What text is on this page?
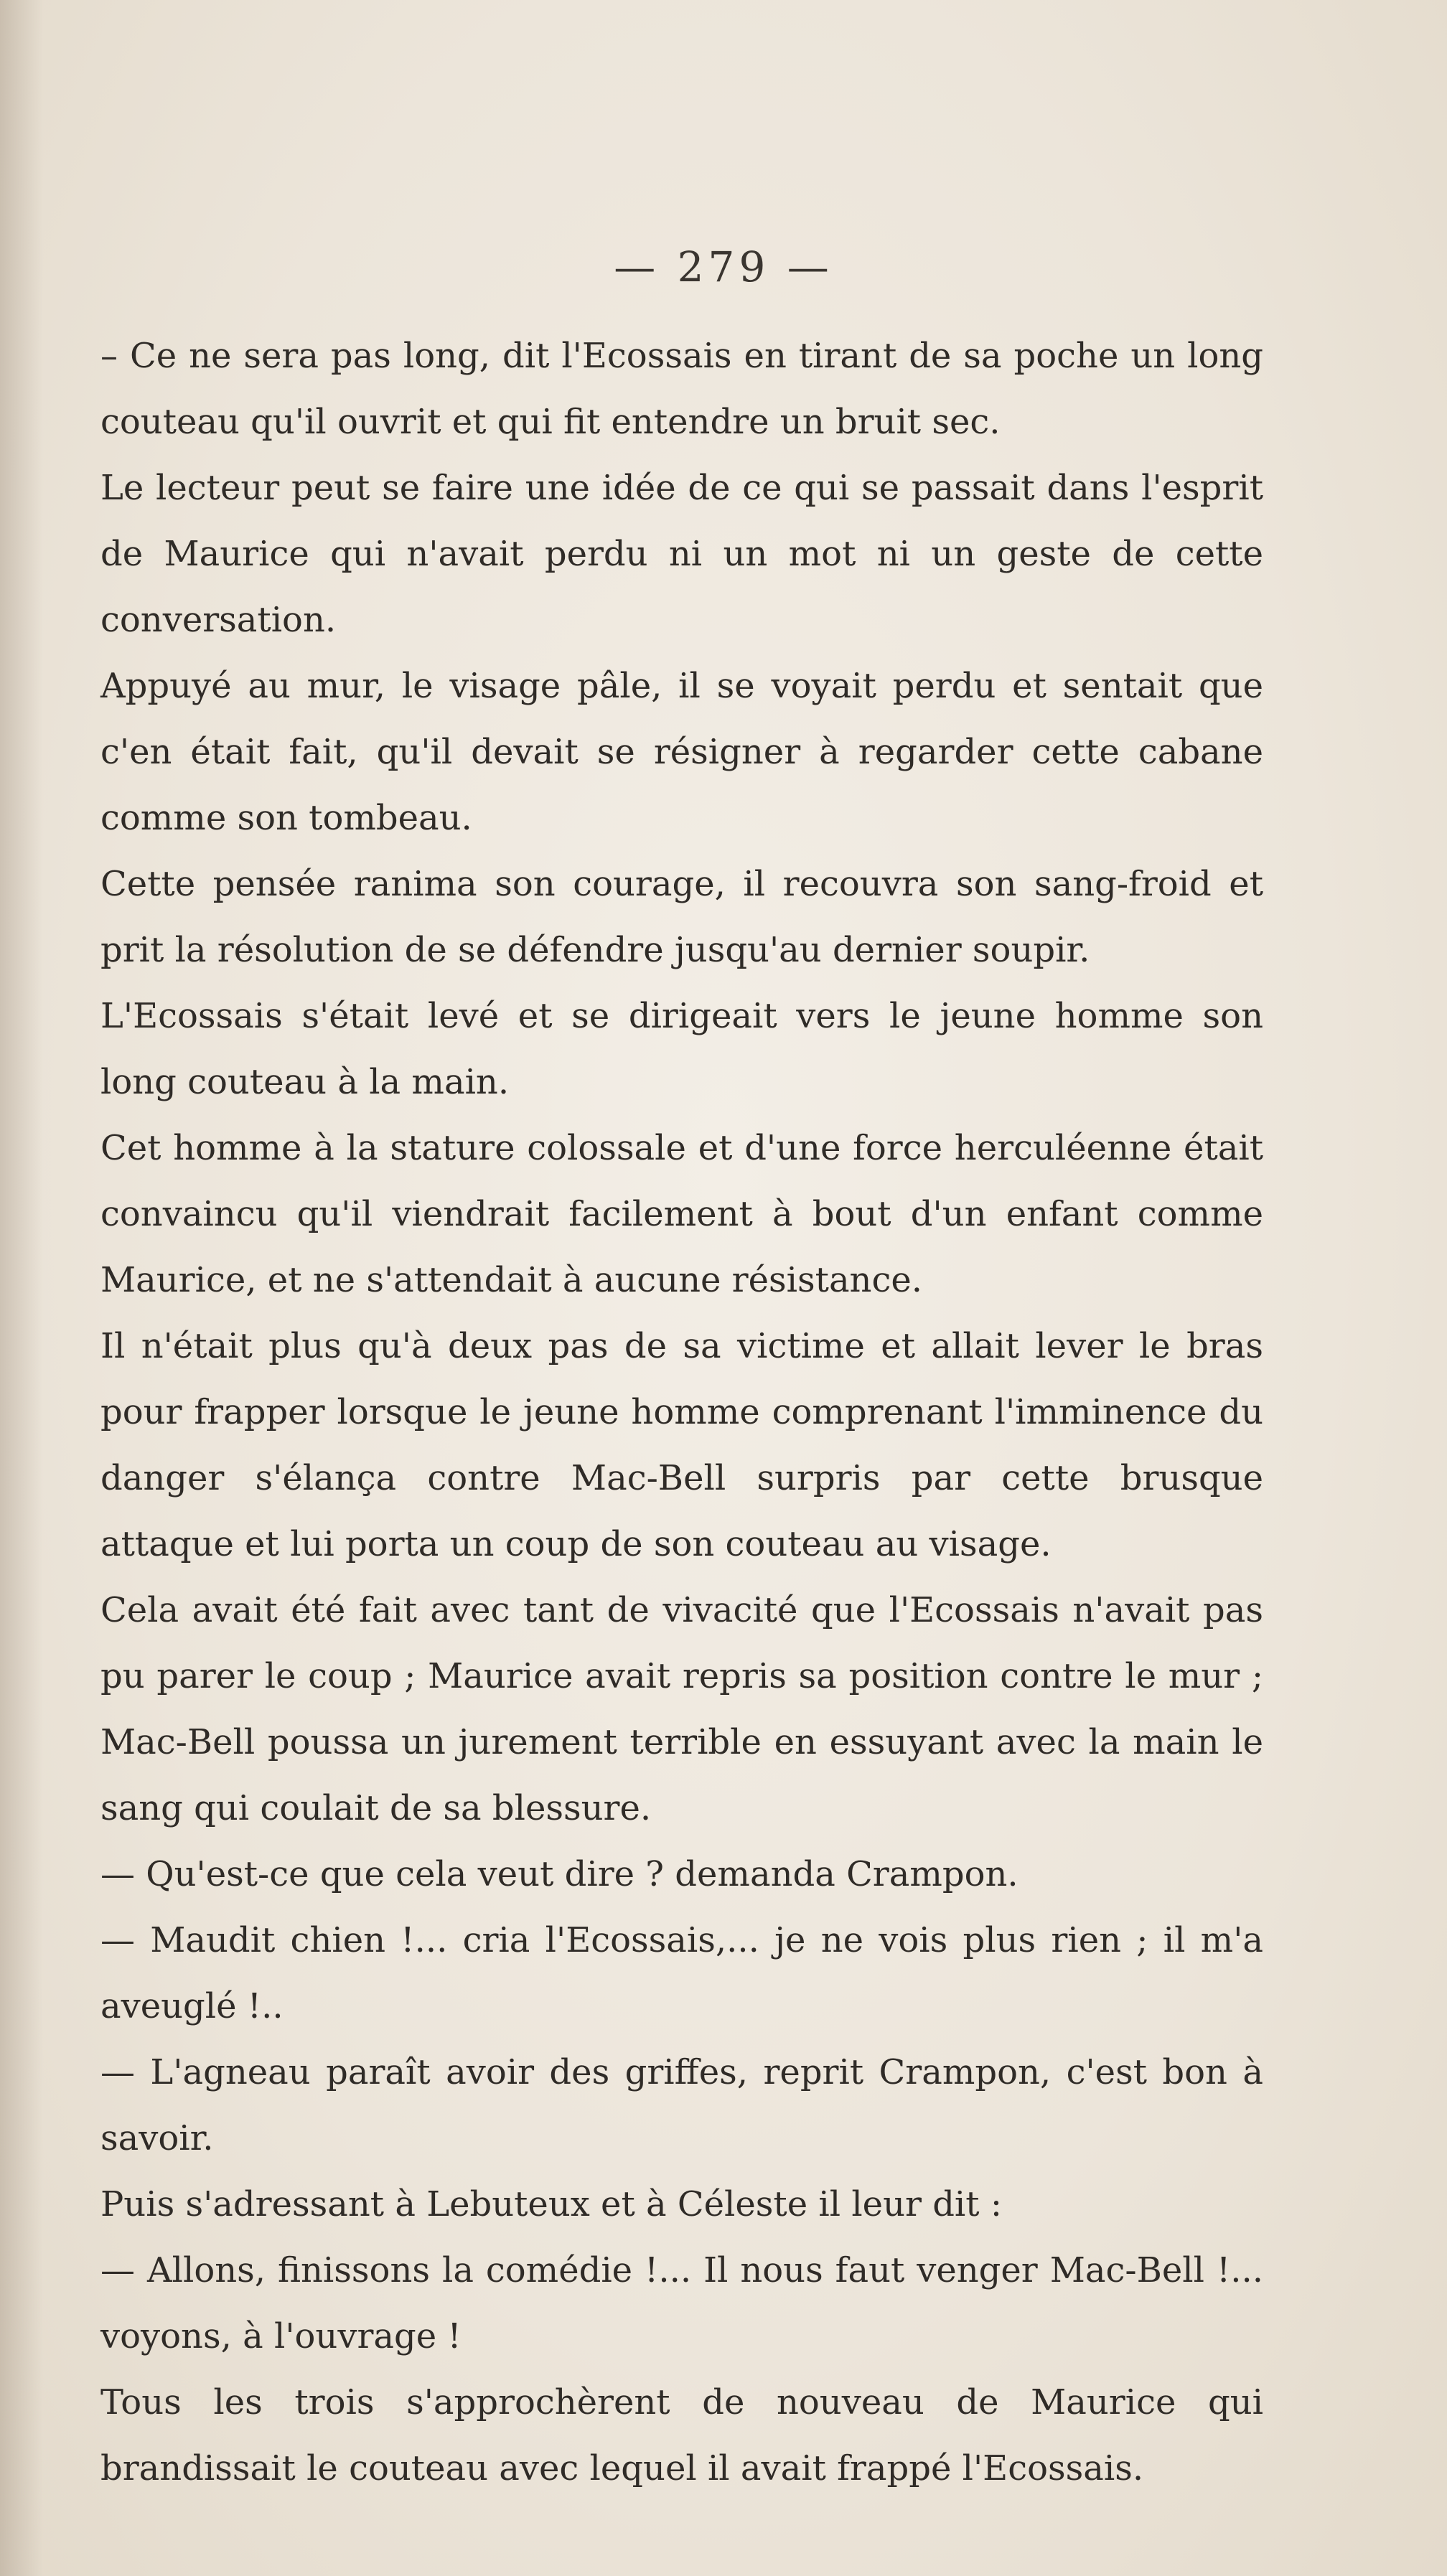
— 279 —

– Ce ne sera pas long, dit l'Ecossais en tirant de sa poche un long couteau qu'il ouvrit et qui fit entendre un bruit sec.

Le lecteur peut se faire une idée de ce qui se passait dans l'esprit de Maurice qui n'avait perdu ni un mot ni un geste de cette conversation.

Appuyé au mur, le visage pâle, il se voyait perdu et sentait que c'en était fait, qu'il devait se résigner à regarder cette cabane comme son tombeau.

Cette pensée ranima son courage, il recouvra son sang-froid et prit la résolution de se défendre jusqu'au dernier soupir.

L'Ecossais s'était levé et se dirigeait vers le jeune homme son long couteau à la main.

Cet homme à la stature colossale et d'une force herculéenne était convaincu qu'il viendrait facilement à bout d'un enfant comme Maurice, et ne s'attendait à aucune résistance.

Il n'était plus qu'à deux pas de sa victime et allait lever le bras pour frapper lorsque le jeune homme comprenant l'imminence du danger s'élança contre Mac-Bell surpris par cette brusque attaque et lui porta un coup de son couteau au visage.

Cela avait été fait avec tant de vivacité que l'Ecossais n'avait pas pu parer le coup ; Maurice avait repris sa position contre le mur ; Mac-Bell poussa un jurement terrible en essuyant avec la main le sang qui coulait de sa blessure.

— Qu'est-ce que cela veut dire ? demanda Crampon.

— Maudit chien !... cria l'Ecossais,... je ne vois plus rien ; il m'a aveuglé !..

— L'agneau paraît avoir des griffes, reprit Crampon, c'est bon à savoir.

Puis s'adressant à Lebuteux et à Céleste il leur dit :

— Allons, finissons la comédie !... Il nous faut venger Mac-Bell !... voyons, à l'ouvrage !

Tous les trois s'approchèrent de nouveau de Maurice qui brandissait le couteau avec lequel il avait frappé l'Ecossais.
